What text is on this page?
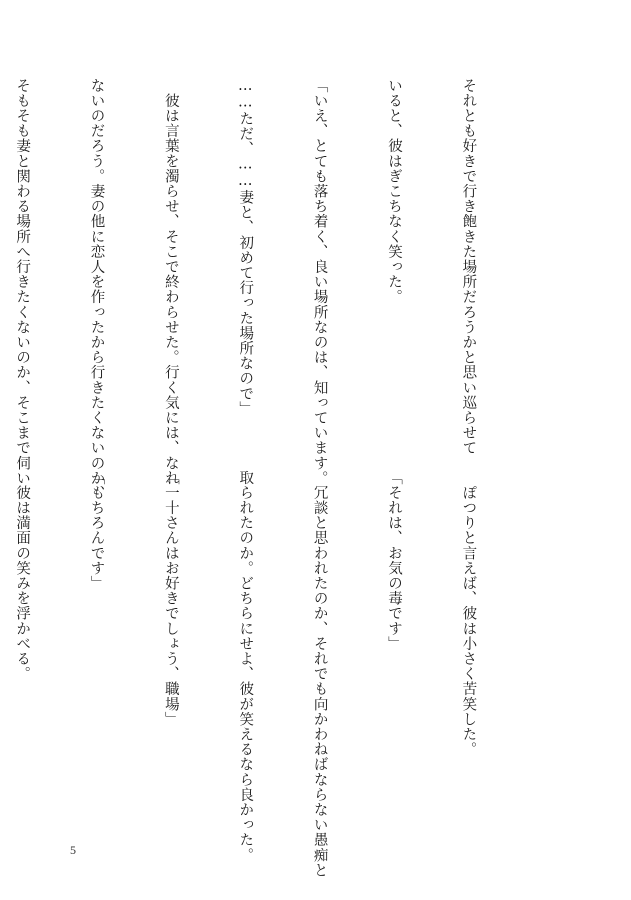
それとも好きで行き飽きた場所だろうかと思い巡らせて

いると、彼はぎこちなく笑った。

「いえ、とても落ち着く、良い場所なのは、知っています。

……ただ、……妻と、初めて行った場所なので」

　彼は言葉を濁らせ、そこで終わらせた。行く気には、なれ

ないのだろう。妻の他に恋人を作ったから行きたくないのか、

そもそも妻と関わる場所へ行きたくないのか、そこまで伺い

　ぽつりと言えば、彼は小さく苦笑した。

「それは、お気の毒です」

　冗談と思われたのか、それでも向かわねばならない愚痴と

取られたのか。どちらにせよ、彼が笑えるなら良かった。

「一十さんはお好きでしょう、職場」

「もちろんです」

　彼は満面の笑みを浮かべる。

5
